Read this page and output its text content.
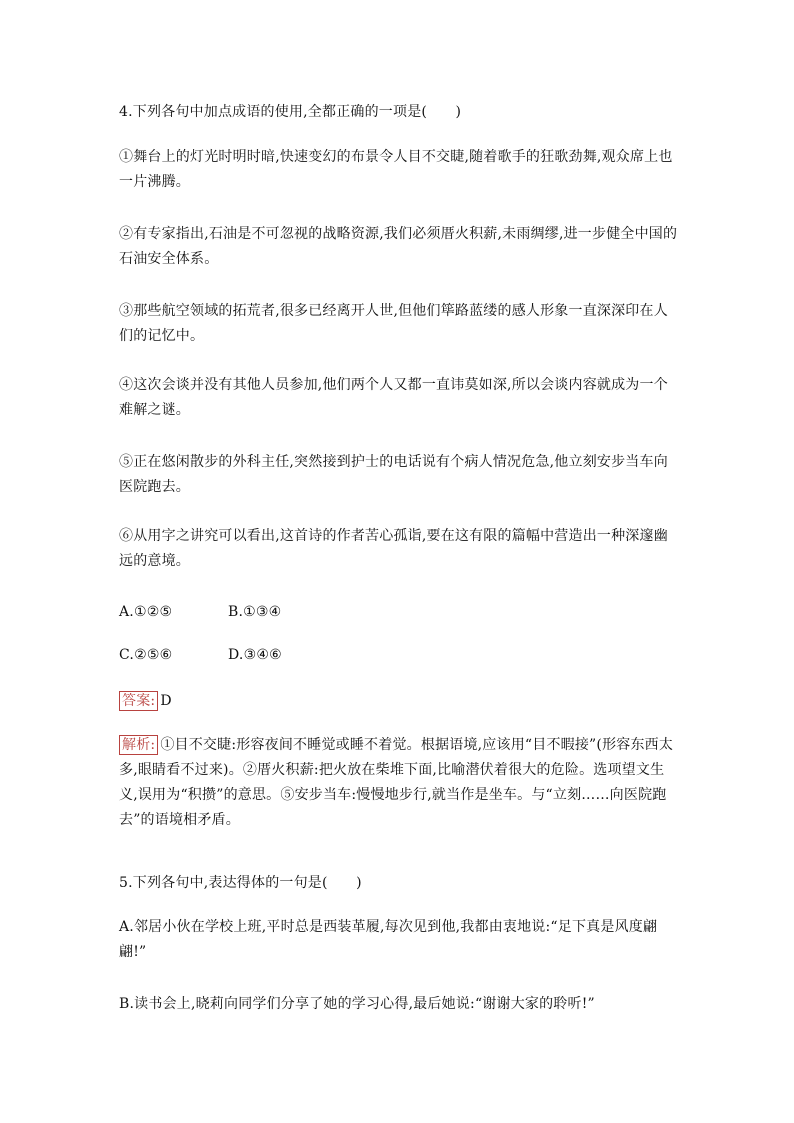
4.下列各句中加点成语的使用,全都正确的一项是(　　)
①舞台上的灯光时明时暗,快速变幻的布景令人目不交睫,随着歌手的狂歌劲舞,观众席上也一片沸腾。
②有专家指出,石油是不可忽视的战略资源,我们必须厝火积薪,未雨绸缪,进一步健全中国的石油安全体系。
③那些航空领域的拓荒者,很多已经离开人世,但他们筚路蓝缕的感人形象一直深深印在人们的记忆中。
④这次会谈并没有其他人员参加,他们两个人又都一直讳莫如深,所以会谈内容就成为一个难解之谜。
⑤正在悠闲散步的外科主任,突然接到护士的电话说有个病人情况危急,他立刻安步当车向医院跑去。
⑥从用字之讲究可以看出,这首诗的作者苦心孤诣,要在这有限的篇幅中营造出一种深邃幽远的意境。
A.①②⑤	B.①③④
C.②⑤⑥	D.③④⑥
答案: D
解析: ①目不交睫:形容夜间不睡觉或睡不着觉。根据语境,应该用“目不暇接”(形容东西太多,眼睛看不过来)。②厝火积薪:把火放在柴堆下面,比喻潜伏着很大的危险。选项望文生义,误用为“积攒”的意思。⑤安步当车:慢慢地步行,就当作是坐车。与“立刻……向医院跑去”的语境相矛盾。
5.下列各句中,表达得体的一句是(　　)
A.邻居小伙在学校上班,平时总是西装革履,每次见到他,我都由衷地说:“足下真是风度翩翩!”
B.读书会上,晓莉向同学们分享了她的学习心得,最后她说:“谢谢大家的聆听!”
